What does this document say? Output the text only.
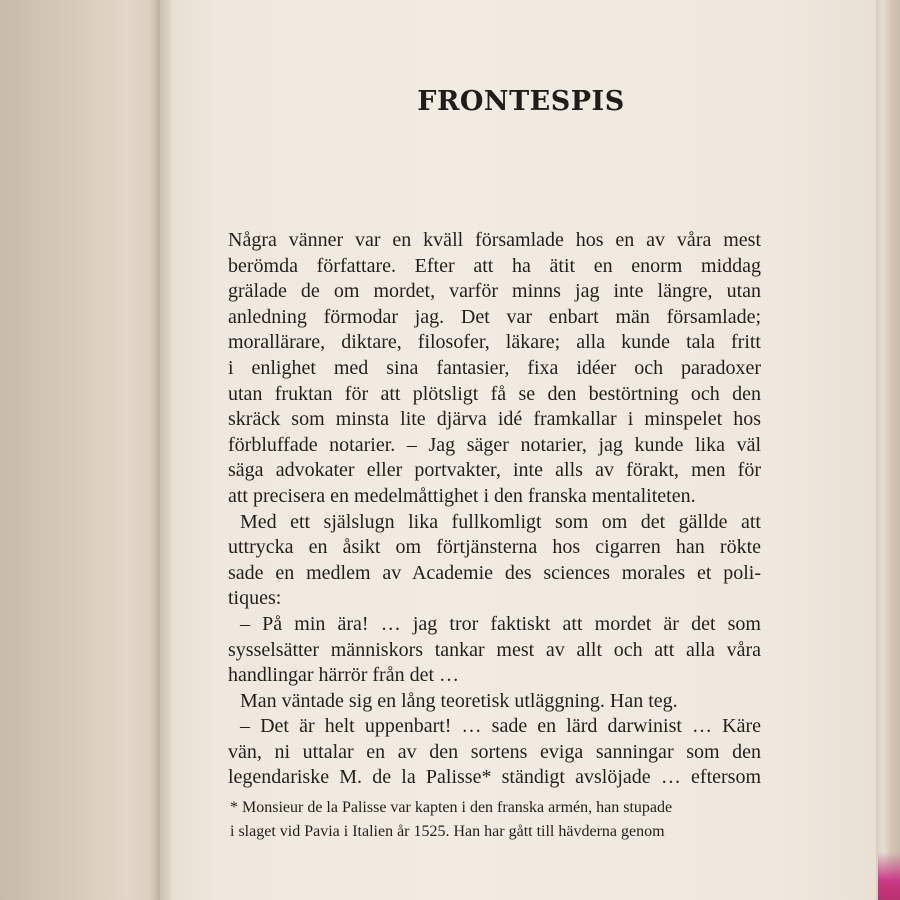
FRONTESPIS
Några vänner var en kväll församlade hos en av våra mest
berömda författare. Efter att ha ätit en enorm middag
grälade de om mordet, varför minns jag inte längre, utan
anledning förmodar jag. Det var enbart män församlade;
morallärare, diktare, filosofer, läkare; alla kunde tala fritt
i enlighet med sina fantasier, fixa idéer och paradoxer
utan fruktan för att plötsligt få se den bestörtning och den
skräck som minsta lite djärva idé framkallar i minspelet hos
förbluffade notarier. – Jag säger notarier, jag kunde lika väl
säga advokater eller portvakter, inte alls av förakt, men för
att precisera en medelmåttighet i den franska mentaliteten.
Med ett själslugn lika fullkomligt som om det gällde att
uttrycka en åsikt om förtjänsterna hos cigarren han rökte
sade en medlem av Academie des sciences morales et poli-
tiques:
– På min ära! … jag tror faktiskt att mordet är det som
sysselsätter människors tankar mest av allt och att alla våra
handlingar härrör från det …
Man väntade sig en lång teoretisk utläggning. Han teg.
– Det är helt uppenbart! … sade en lärd darwinist … Käre
vän, ni uttalar en av den sortens eviga sanningar som den
legendariske M. de la Palisse* ständigt avslöjade … eftersom
* Monsieur de la Palisse var kapten i den franska armén, han stupade
i slaget vid Pavia i Italien år 1525. Han har gått till hävderna genom
